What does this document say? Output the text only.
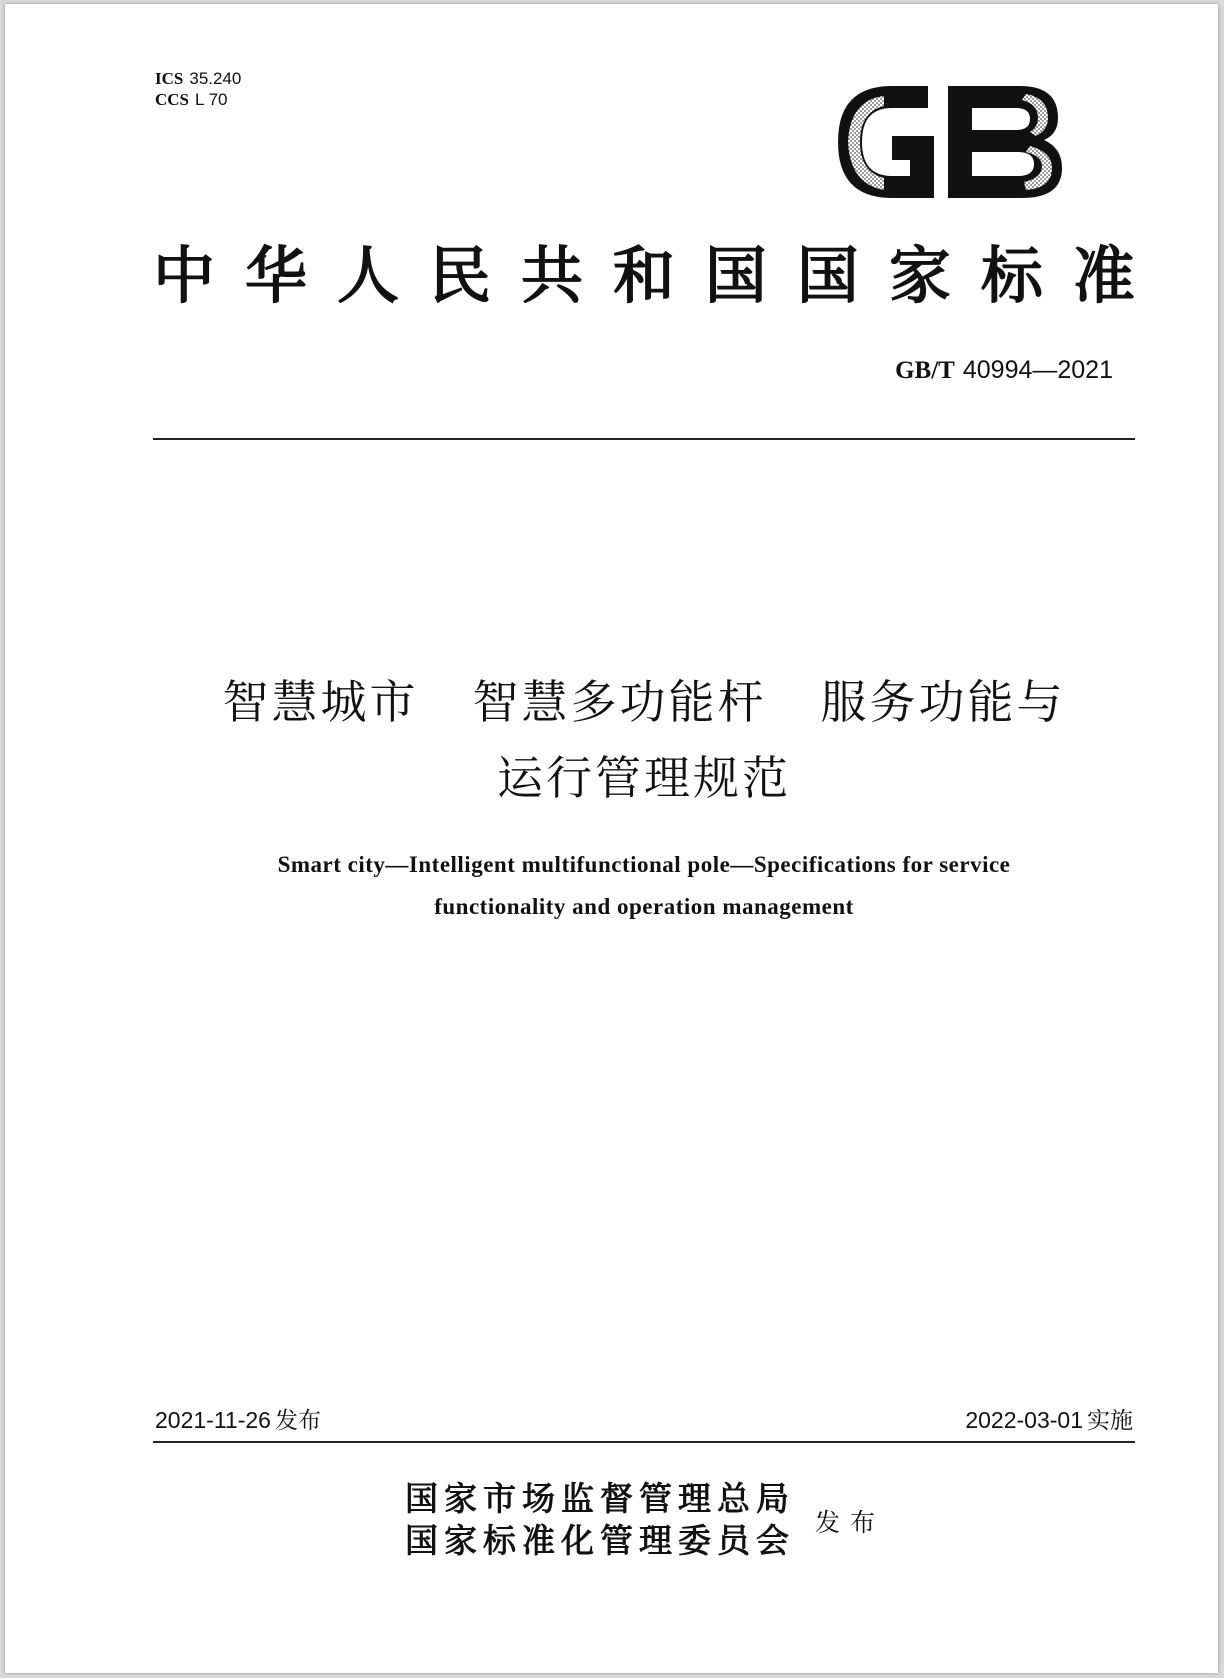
ICS 35.240
CCS L 70
中 华 人 民 共 和 国 国 家 标 准
GB/T 40994—2021
智慧城市 智慧多功能杆 服务功能与
运行管理规范
Smart city—Intelligent multifunctional pole—Specifications for service
functionality and operation management
2021-11-26 发布	2022-03-01 实施
国家市场监督管理总局
国家标准化管理委员会 发布
